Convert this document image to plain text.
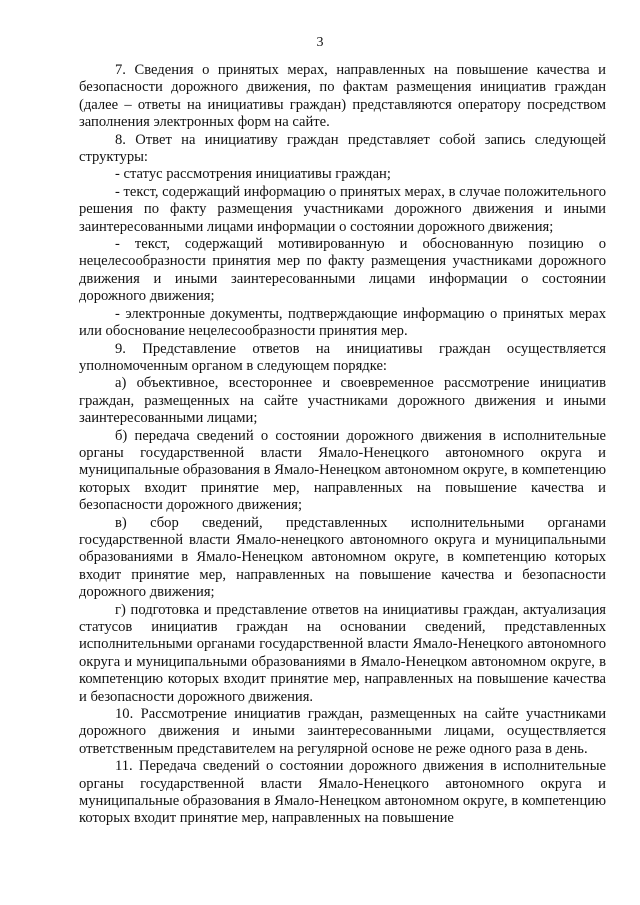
3

7. Сведения о принятых мерах, направленных на повышение качества и безопасности дорожного движения, по фактам размещения инициатив граждан (далее – ответы на инициативы граждан) представляются оператору посредством заполнения электронных форм на сайте.

8. Ответ на инициативу граждан представляет собой запись следующей структуры:

- статус рассмотрения инициативы граждан;

- текст, содержащий информацию о принятых мерах, в случае положительного решения по факту размещения участниками дорожного движения и иными заинтересованными лицами информации о состоянии дорожного движения;

- текст, содержащий мотивированную и обоснованную позицию о нецелесообразности принятия мер по факту размещения участниками дорожного движения и иными заинтересованными лицами информации о состоянии дорожного движения;

- электронные документы, подтверждающие информацию о принятых мерах или обоснование нецелесообразности принятия мер.

9. Представление ответов на инициативы граждан осуществляется уполномоченным органом в следующем порядке:

а) объективное, всестороннее и своевременное рассмотрение инициатив граждан, размещенных на сайте участниками дорожного движения и иными заинтересованными лицами;

б) передача сведений о состоянии дорожного движения в исполнительные органы государственной власти Ямало-Ненецкого автономного округа и муниципальные образования в Ямало-Ненецком автономном округе, в компетенцию которых входит принятие мер, направленных на повышение качества и безопасности дорожного движения;

в) сбор сведений, представленных исполнительными органами государственной власти Ямало-ненецкого автономного округа и муниципальными образованиями в Ямало-Ненецком автономном округе, в компетенцию которых входит принятие мер, направленных на повышение качества и безопасности дорожного движения;

г) подготовка и представление ответов на инициативы граждан, актуализация статусов инициатив граждан на основании сведений, представленных исполнительными органами государственной власти Ямало-Ненецкого автономного округа и муниципальными образованиями в Ямало-Ненецком автономном округе, в компетенцию которых входит принятие мер, направленных на повышение качества и безопасности дорожного движения.

10. Рассмотрение инициатив граждан, размещенных на сайте участниками дорожного движения и иными заинтересованными лицами, осуществляется ответственным представителем на регулярной основе не реже одного раза в день.

11. Передача сведений о состоянии дорожного движения в исполнительные органы государственной власти Ямало-Ненецкого автономного округа и муниципальные образования в Ямало-Ненецком автономном округе, в компетенцию которых входит принятие мер, направленных на повышение
